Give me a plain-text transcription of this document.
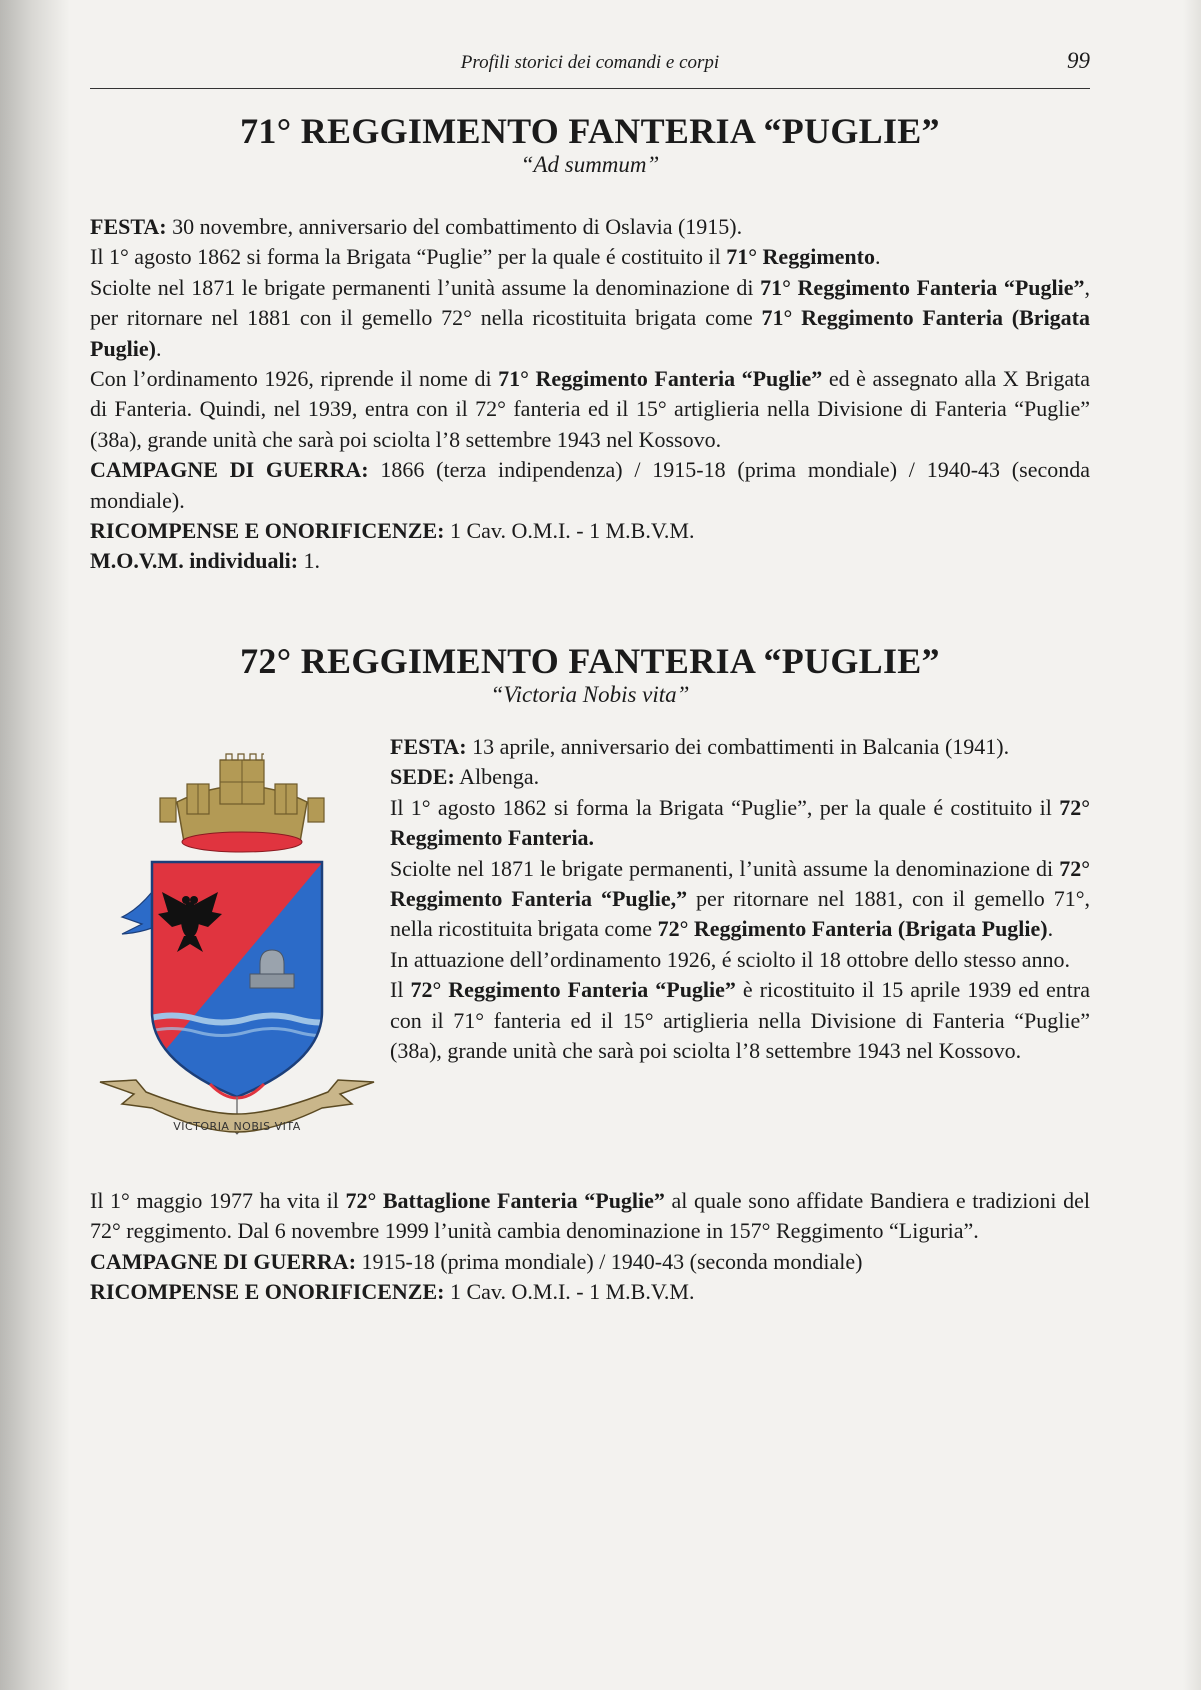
Profili storici dei comandi e corpi	99
71° REGGIMENTO FANTERIA “PUGLIE”
“Ad summum”

FESTA: 30 novembre, anniversario del combattimento di Oslavia (1915).

Il 1° agosto 1862 si forma la Brigata “Puglie” per la quale é costituito il 71° Reggimento.

Sciolte nel 1871 le brigate permanenti l’unità assume la denominazione di 71° Reggimento Fanteria “Puglie”, per ritornare nel 1881 con il gemello 72° nella ricostituita brigata come 71° Reggimento Fanteria (Brigata Puglie).

Con l’ordinamento 1926, riprende il nome di 71° Reggimento Fanteria “Puglie” ed è assegnato alla X Brigata di Fanteria. Quindi, nel 1939, entra con il 72° fanteria ed il 15° artiglieria nella Divisione di Fanteria “Puglie” (38a), grande unità che sarà poi sciolta l’8 settembre 1943 nel Kossovo.

CAMPAGNE DI GUERRA: 1866 (terza indipendenza) / 1915-18 (prima mondiale) / 1940-43 (seconda mondiale).

RICOMPENSE E ONORIFICENZE: 1 Cav. O.M.I. - 1 M.B.V.M.

M.O.V.M. individuali: 1.

72° REGGIMENTO FANTERIA “PUGLIE”
“Victoria Nobis vita”
VICTORIA NOBIS VITA

FESTA: 13 aprile, anniversario dei combattimenti in Balcania (1941).

SEDE: Albenga.

Il 1° agosto 1862 si forma la Brigata “Puglie”, per la quale é costituito il 72° Reggimento Fanteria.

Sciolte nel 1871 le brigate permanenti, l’unità assume la denominazione di 72° Reggimento Fanteria “Puglie,” per ritornare nel 1881, con il gemello 71°, nella ricostituita brigata come 72° Reggimento Fanteria (Brigata Puglie).

In attuazione dell’ordinamento 1926, é sciolto il 18 ottobre dello stesso anno.

Il 72° Reggimento Fanteria “Puglie” è ricostituito il 15 aprile 1939 ed entra con il 71° fanteria ed il 15° artiglieria nella Divisione di Fanteria “Puglie” (38a), grande unità che sarà poi sciolta l’8 settembre 1943 nel Kossovo.

Il 1° maggio 1977 ha vita il 72° Battaglione Fanteria “Puglie” al quale sono affidate Bandiera e tradizioni del 72° reggimento. Dal 6 novembre 1999 l’unità cambia denominazione in 157° Reggimento “Liguria”.

CAMPAGNE DI GUERRA: 1915-18 (prima mondiale) / 1940-43 (seconda mondiale)

RICOMPENSE E ONORIFICENZE: 1 Cav. O.M.I. - 1 M.B.V.M.
